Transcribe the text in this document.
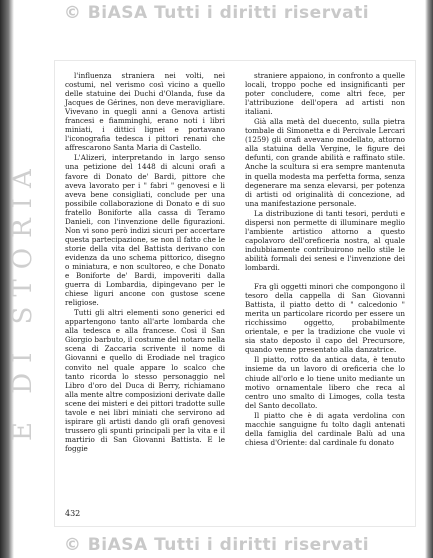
© BiASA Tutti i diritti riservati
E DI STORIA

l'influenza straniera nei volti, nei costumi, nel verismo così vicino a quello delle statuine dei Duchi d'Olanda, fuse da Jacques de Gérines, non deve meravigliare. Vivevano in quegli anni a Genova artisti francesi e fiamminghi, erano noti i libri miniati, i dittici lignei e portavano l'iconografia tedesca i pittori renani che affrescarono Santa Maria di Castello.

L'Alizeri, interpretando in largo senso una petizione del 1448 di alcuni orafi a favore di Donato de' Bardi, pittore che aveva lavorato per i " fabri " genovesi e li aveva bene consigliati, conclude per una possibile collaborazione di Donato e di suo fratello Boniforte alla cassa di Teramo Danieli, con l'invenzione delle figurazioni. Non vi sono però indizi sicuri per accertare questa partecipazione, se non il fatto che le storie della vita del Battista derivano con evidenza da uno schema pittorico, disegno o miniatura, e non scultoreo, e che Donato e Boniforte de' Bardi, impoveriti dalla guerra di Lombardia, dipingevano per le chiese liguri ancone con gustose scene religiose.

Tutti gli altri elementi sono generici ed appartengono tanto all'arte lombarda che alla tedesca e alla francese. Così il San Giorgio barbuto, il costume del notaro nella scena di Zaccaria scrivente il nome di Giovanni e quello di Erodiade nel tragico convito nel quale appare lo scalco che tanto ricorda lo stesso personaggio nel Libro d'oro del Duca di Berry, richiamano alla mente altre composizioni derivate dalle scene dei misteri e dei pittori tradotte sulle tavole e nei libri miniati che servirono ad ispirare gli artisti dando gli orafi genovesi trussero gli spunti principali per la vita e il martirio di San Giovanni Battista. E le foggie

straniere appaiono, in confronto a quelle locali, troppo poche ed insignificanti per poter concludere, come altri fece, per l'attribuzione dell'opera ad artisti non italiani.

Già alla metà del duecento, sulla pietra tombale di Simonetta e di Percivale Lercari (1259) gli orafi avevano modellato, attorno alla statuina della Vergine, le figure dei defunti, con grande abilità e raffinato stile. Anche la scultura si era sempre mantenuta in quella modesta ma perfetta forma, senza degenerare ma senza elevarsi, per potenza di artisti od originalità di concezione, ad una manifestazione personale.

La distribuzione di tanti tesori, perduti e dispersi non permette di illuminare meglio l'ambiente artistico attorno a questo capolavoro dell'oreficeria nostra, al quale indubbiamente contribuirono nello stile le abilità formali dei senesi e l'invenzione dei lombardi.

Fra gli oggetti minori che compongono il tesoro della cappella di San Giovanni Battista, il piatto detto di " calcedonio " merita un particolare ricordo per essere un ricchissimo oggetto, probabilmente orientale, e per la tradizione che vuole vi sia stato deposto il capo del Precursore, quando venne presentato alla danzatrice.

Il piatto, rotto da antica data, è tenuto insieme da un lavoro di oreficeria che lo chiude all'orlo e lo tiene unito mediante un motivo ornamentale libero che reca al centro uno smalto di Limoges, colla testa del Santo decollato.

Il piatto che è di agata verdolina con macchie sanguigne fu tolto dagli antenati della famiglia del cardinale Balù ad una chiesa d'Oriente: dal cardinale fu donato

432
© BiASA Tutti i diritti riservati
